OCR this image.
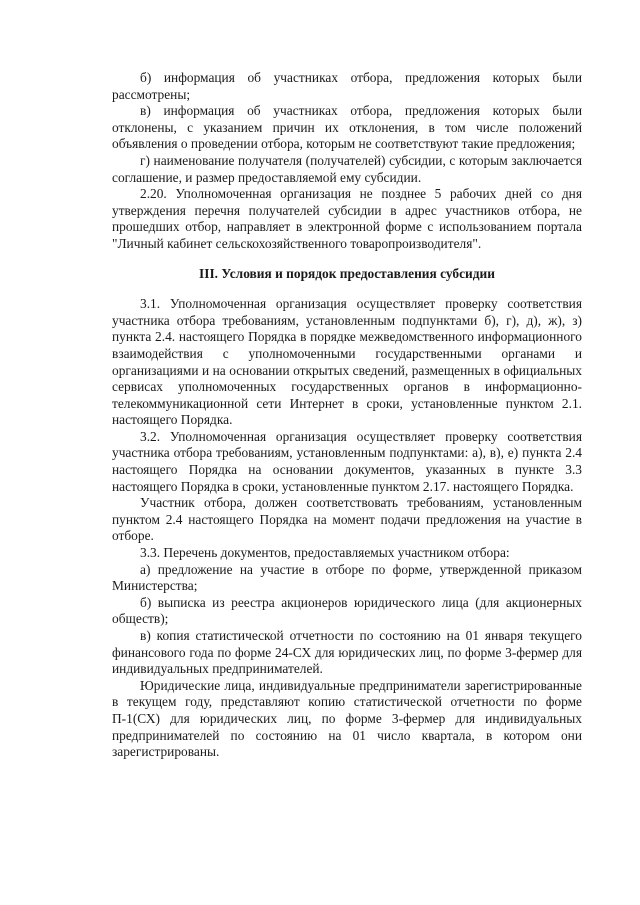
б) информация об участниках отбора, предложения которых были рассмотрены;

в) информация об участниках отбора, предложения которых были отклонены, с указанием причин их отклонения, в том числе положений объявления о проведении отбора, которым не соответствуют такие предложения;

г) наименование получателя (получателей) субсидии, с которым заключается соглашение, и размер предоставляемой ему субсидии.

2.20. Уполномоченная организация не позднее 5 рабочих дней со дня утверждения перечня получателей субсидии в адрес участников отбора, не прошедших отбор, направляет в электронной форме с использованием портала "Личный кабинет сельскохозяйственного товаропроизводителя".

III. Условия и порядок предоставления субсидии

3.1. Уполномоченная организация осуществляет проверку соответствия участника отбора требованиям, установленным подпунктами б), г), д), ж), з) пункта 2.4. настоящего Порядка в порядке межведомственного информационного взаимодействия с уполномоченными государственными органами и организациями и на основании открытых сведений, размещенных в официальных сервисах уполномоченных государственных органов в информационно-телекоммуникационной сети Интернет в сроки, установленные пунктом 2.1. настоящего Порядка.

3.2. Уполномоченная организация осуществляет проверку соответствия участника отбора требованиям, установленным подпунктами: а), в), е) пункта 2.4 настоящего Порядка на основании документов, указанных в пункте 3.3 настоящего Порядка в сроки, установленные пунктом 2.17. настоящего Порядка.

Участник отбора, должен соответствовать требованиям, установленным пунктом 2.4 настоящего Порядка на момент подачи предложения на участие в отборе.

3.3. Перечень документов, предоставляемых участником отбора:

а) предложение на участие в отборе по форме, утвержденной приказом Министерства;

б) выписка из реестра акционеров юридического лица (для акционерных обществ);

в) копия статистической отчетности по состоянию на 01 января текущего финансового года по форме 24-СХ для юридических лиц, по форме 3-фермер для индивидуальных предпринимателей.

Юридические лица, индивидуальные предприниматели зарегистрированные в текущем году, представляют копию статистической отчетности по форме П-1(СХ) для юридических лиц, по форме 3-фермер для индивидуальных предпринимателей по состоянию на 01 число квартала, в котором они зарегистрированы.
